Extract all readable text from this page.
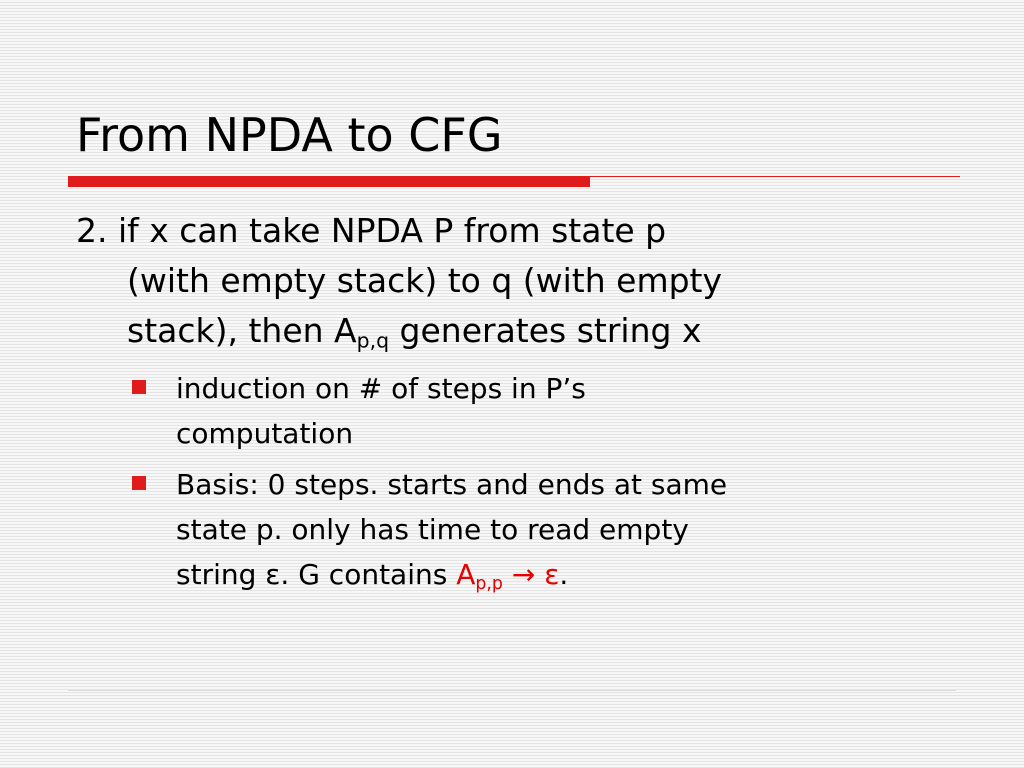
From NPDA to CFG
2. if x can take NPDA P from state p
(with empty stack) to q (with empty
stack), then $A_{p,q}$ generates string x
induction on # of steps in P’s
computation
Basis: 0 steps. starts and ends at same
state p. only has time to read empty
string ε. G contains $A_{p,p} \to \varepsilon$.
